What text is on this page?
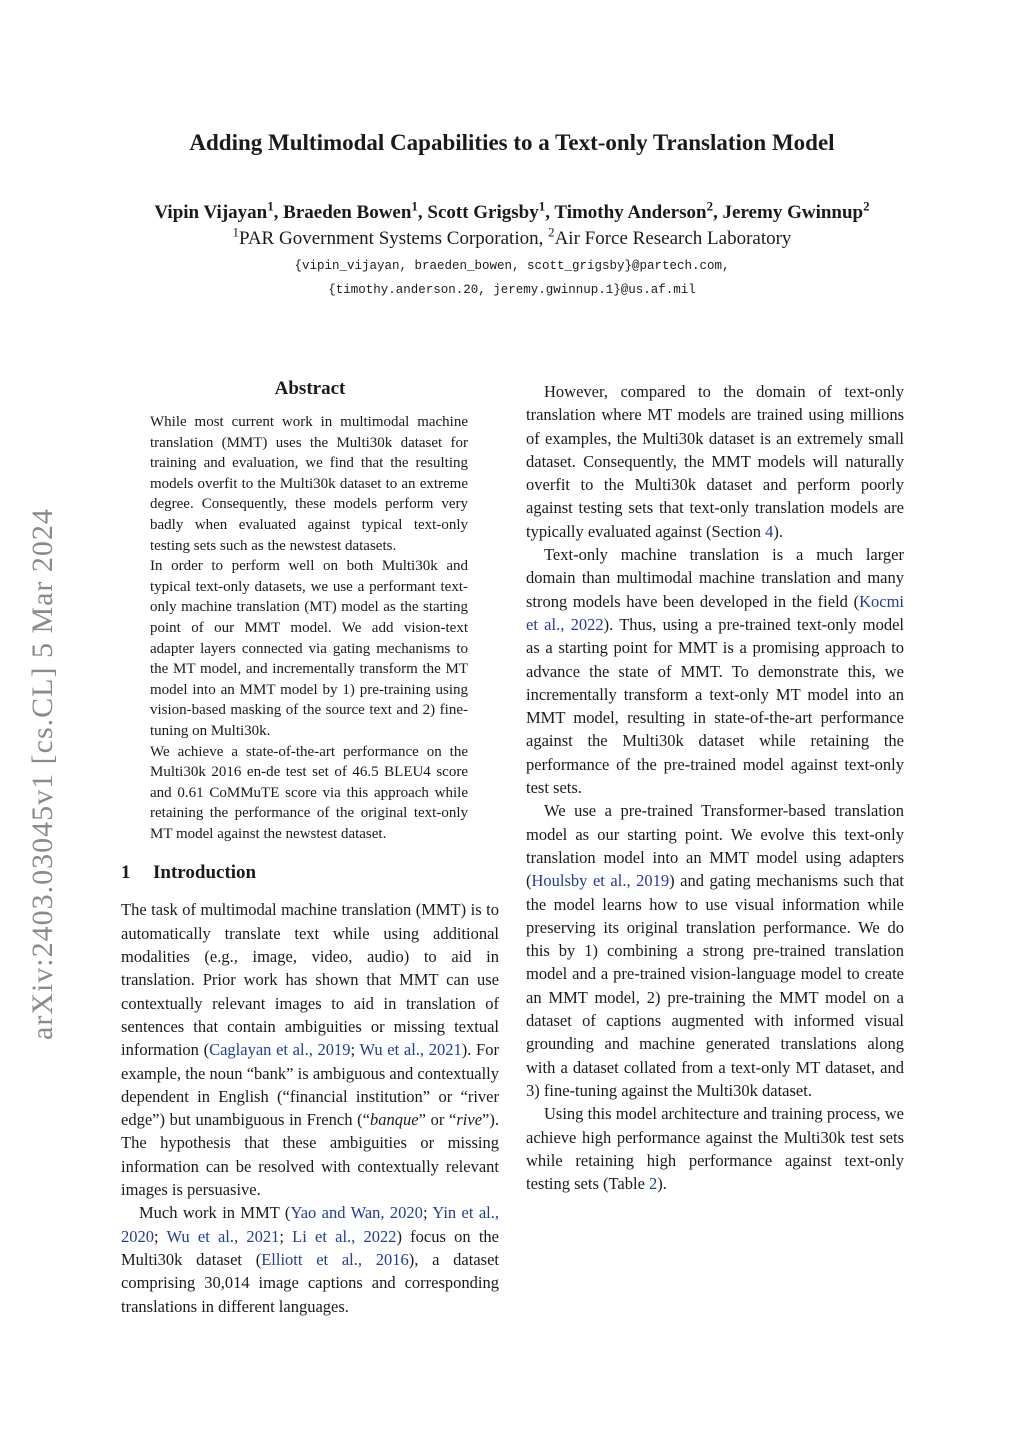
arXiv:2403.03045v1 [cs.CL] 5 Mar 2024
Adding Multimodal Capabilities to a Text-only Translation Model
Vipin Vijayan$^1$, Braeden Bowen$^1$, Scott Grigsby$^1$, Timothy Anderson$^2$, Jeremy Gwinnup$^2$
$^1$PAR Government Systems Corporation, $^2$Air Force Research Laboratory
{vipin_vijayan, braeden_bowen, scott_grigsby}@partech.com,
{timothy.anderson.20, jeremy.gwinnup.1}@us.af.mil
Abstract

While most current work in multimodal machine translation (MMT) uses the Multi30k dataset for training and evaluation, we find that the resulting models overfit to the Multi30k dataset to an extreme degree. Consequently, these models perform very badly when evaluated against typical text-only testing sets such as the newstest datasets.

In order to perform well on both Multi30k and typical text-only datasets, we use a performant text-only machine translation (MT) model as the starting point of our MMT model. We add vision-text adapter layers connected via gating mechanisms to the MT model, and incrementally transform the MT model into an MMT model by 1) pre-training using vision-based masking of the source text and 2) fine-tuning on Multi30k.

We achieve a state-of-the-art performance on the Multi30k 2016 en-de test set of 46.5 BLEU4 score and 0.61 CoMMuTE score via this approach while retaining the performance of the original text-only MT model against the newstest dataset.

1 Introduction

The task of multimodal machine translation (MMT) is to automatically translate text while using additional modalities (e.g., image, video, audio) to aid in translation. Prior work has shown that MMT can use contextually relevant images to aid in translation of sentences that contain ambiguities or missing textual information (Caglayan et al., 2019; Wu et al., 2021). For example, the noun “bank” is ambiguous and contextually dependent in English (“financial institution” or “river edge”) but unambiguous in French (“banque” or “rive”). The hypothesis that these ambiguities or missing information can be resolved with contextually relevant images is persuasive.

Much work in MMT (Yao and Wan, 2020; Yin et al., 2020; Wu et al., 2021; Li et al., 2022) focus on the Multi30k dataset (Elliott et al., 2016), a dataset comprising 30,014 image captions and corresponding translations in different languages.

However, compared to the domain of text-only translation where MT models are trained using millions of examples, the Multi30k dataset is an extremely small dataset. Consequently, the MMT models will naturally overfit to the Multi30k dataset and perform poorly against testing sets that text-only translation models are typically evaluated against (Section 4).

Text-only machine translation is a much larger domain than multimodal machine translation and many strong models have been developed in the field (Kocmi et al., 2022). Thus, using a pre-trained text-only model as a starting point for MMT is a promising approach to advance the state of MMT. To demonstrate this, we incrementally transform a text-only MT model into an MMT model, resulting in state-of-the-art performance against the Multi30k dataset while retaining the performance of the pre-trained model against text-only test sets.

We use a pre-trained Transformer-based translation model as our starting point. We evolve this text-only translation model into an MMT model using adapters (Houlsby et al., 2019) and gating mechanisms such that the model learns how to use visual information while preserving its original translation performance. We do this by 1) combining a strong pre-trained translation model and a pre-trained vision-language model to create an MMT model, 2) pre-training the MMT model on a dataset of captions augmented with informed visual grounding and machine generated translations along with a dataset collated from a text-only MT dataset, and 3) fine-tuning against the Multi30k dataset.

Using this model architecture and training process, we achieve high performance against the Multi30k test sets while retaining high performance against text-only testing sets (Table 2).
